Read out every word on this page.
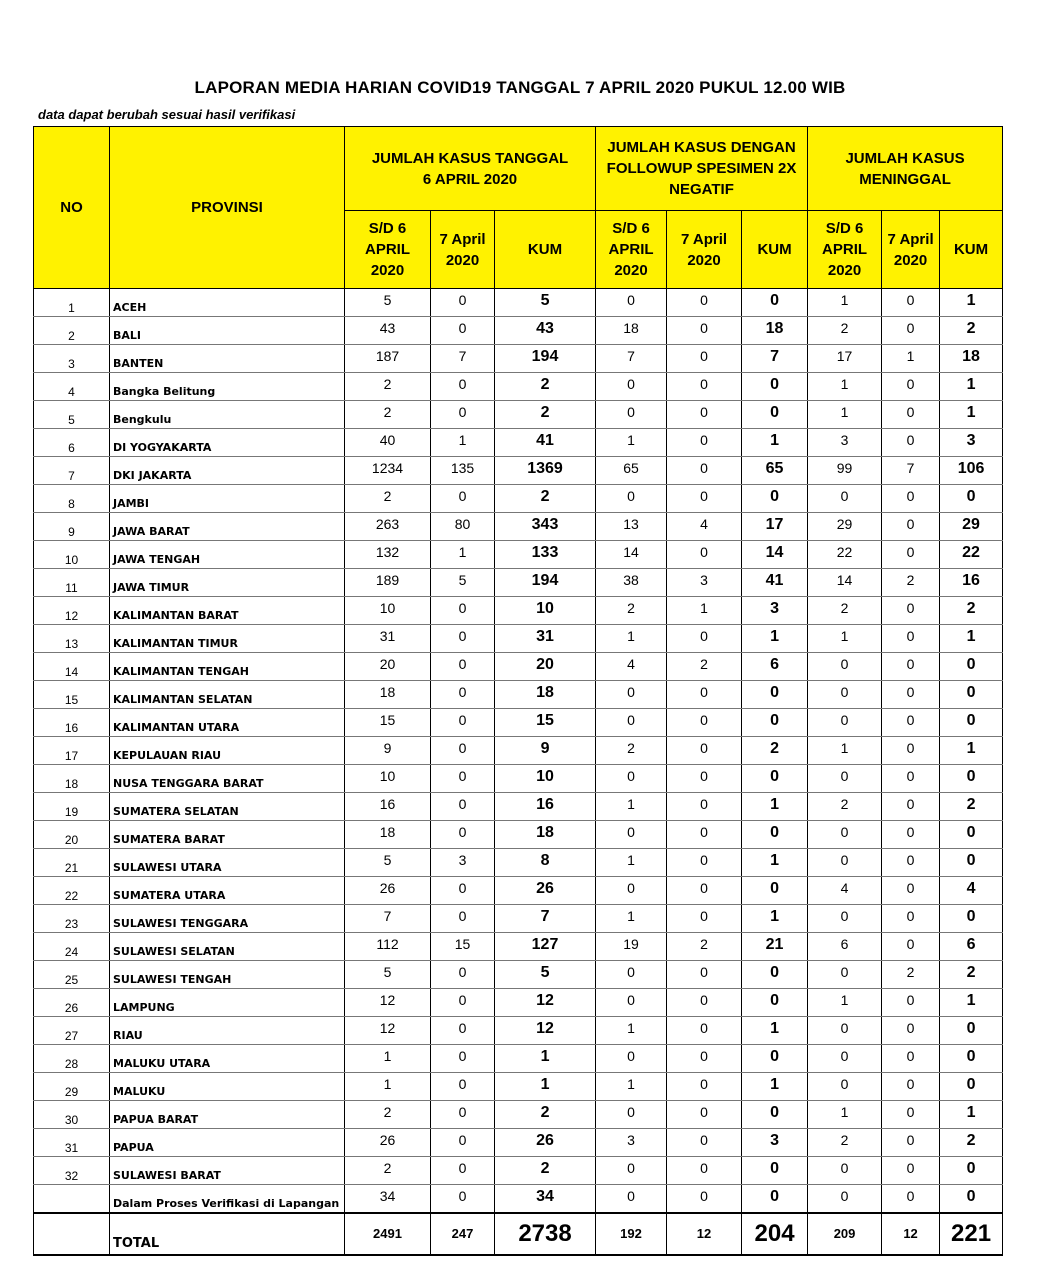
LAPORAN MEDIA HARIAN COVID19 TANGGAL 7 APRIL 2020 PUKUL 12.00 WIB
data dapat berubah sesuai hasil verifikasi
NO	PROVINSI	JUMLAH KASUS TANGGAL 6 APRIL 2020			JUMLAH KASUS DENGAN FOLLOWUP SPESIMEN 2X NEGATIF			JUMLAH KASUS MENINGGAL		
		S/D 6 APRIL 2020	7 April 2020	KUM	S/D 6 APRIL 2020	7 April 2020	KUM	S/D 6 APRIL 2020	7 April 2020	KUM
1	ACEH	5	0	5	0	0	0	1	0	1
2	BALI	43	0	43	18	0	18	2	0	2
3	BANTEN	187	7	194	7	0	7	17	1	18
4	Bangka Belitung	2	0	2	0	0	0	1	0	1
5	Bengkulu	2	0	2	0	0	0	1	0	1
6	DI YOGYAKARTA	40	1	41	1	0	1	3	0	3
7	DKI JAKARTA	1234	135	1369	65	0	65	99	7	106
8	JAMBI	2	0	2	0	0	0	0	0	0
9	JAWA BARAT	263	80	343	13	4	17	29	0	29
10	JAWA TENGAH	132	1	133	14	0	14	22	0	22
11	JAWA TIMUR	189	5	194	38	3	41	14	2	16
12	KALIMANTAN BARAT	10	0	10	2	1	3	2	0	2
13	KALIMANTAN TIMUR	31	0	31	1	0	1	1	0	1
14	KALIMANTAN TENGAH	20	0	20	4	2	6	0	0	0
15	KALIMANTAN SELATAN	18	0	18	0	0	0	0	0	0
16	KALIMANTAN UTARA	15	0	15	0	0	0	0	0	0
17	KEPULAUAN RIAU	9	0	9	2	0	2	1	0	1
18	NUSA TENGGARA BARAT	10	0	10	0	0	0	0	0	0
19	SUMATERA SELATAN	16	0	16	1	0	1	2	0	2
20	SUMATERA BARAT	18	0	18	0	0	0	0	0	0
21	SULAWESI UTARA	5	3	8	1	0	1	0	0	0
22	SUMATERA UTARA	26	0	26	0	0	0	4	0	4
23	SULAWESI TENGGARA	7	0	7	1	0	1	0	0	0
24	SULAWESI SELATAN	112	15	127	19	2	21	6	0	6
25	SULAWESI TENGAH	5	0	5	0	0	0	0	2	2
26	LAMPUNG	12	0	12	0	0	0	1	0	1
27	RIAU	12	0	12	1	0	1	0	0	0
28	MALUKU UTARA	1	0	1	0	0	0	0	0	0
29	MALUKU	1	0	1	1	0	1	0	0	0
30	PAPUA BARAT	2	0	2	0	0	0	1	0	1
31	PAPUA	26	0	26	3	0	3	2	0	2
32	SULAWESI BARAT	2	0	2	0	0	0	0	0	0
	Dalam Proses Verifikasi di Lapangan	34	0	34	0	0	0	0	0	0
	TOTAL	2491	247	2738	192	12	204	209	12	221
